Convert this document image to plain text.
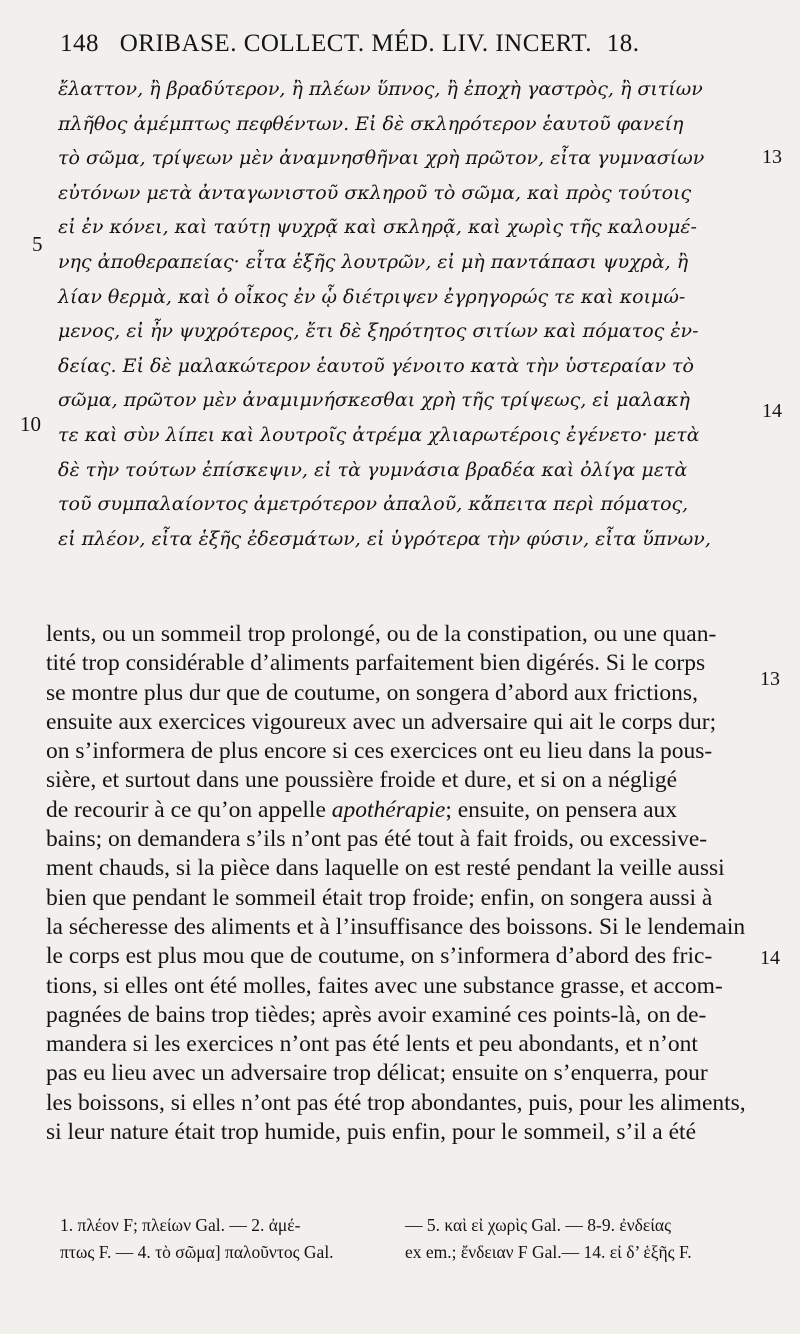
148 ORIBASE. COLLECT. MÉD. LIV. INCERT. 18.
ἔλαττον, ἢ βραδύτερον, ἢ πλέων ὕπνος, ἢ ἐποχὴ γαστρὸς, ἢ σιτίων
πλῆθος ἀμέμπτως πεφθέντων. Εἰ δὲ σκληρότερον ἑαυτοῦ φανείη
τὸ σῶμα, τρίψεων μὲν ἀναμνησθῆναι χρὴ πρῶτον, εἶτα γυμνασίων
εὐτόνων μετὰ ἀνταγωνιστοῦ σκληροῦ τὸ σῶμα, καὶ πρὸς τούτοις
εἰ ἐν κόνει, καὶ ταύτῃ ψυχρᾷ καὶ σκληρᾷ, καὶ χωρὶς τῆς καλουμέ-
νης ἀποθεραπείας· εἶτα ἑξῆς λουτρῶν, εἰ μὴ παντάπασι ψυχρὰ, ἢ
λίαν θερμὰ, καὶ ὁ οἶκος ἐν ᾧ διέτριψεν ἐγρηγορώς τε καὶ κοιμώ-
μενος, εἰ ἦν ψυχρότερος, ἔτι δὲ ξηρότητος σιτίων καὶ πόματος ἐν-
δείας. Εἰ δὲ μαλακώτερον ἑαυτοῦ γένοιτο κατὰ τὴν ὑστεραίαν τὸ
σῶμα, πρῶτον μὲν ἀναμιμνήσκεσθαι χρὴ τῆς τρίψεως, εἰ μαλακὴ
τε καὶ σὺν λίπει καὶ λουτροῖς ἀτρέμα χλιαρωτέροις ἐγένετο· μετὰ
δὲ τὴν τούτων ἐπίσκεψιν, εἰ τὰ γυμνάσια βραδέα καὶ ὀλίγα μετὰ
τοῦ συμπαλαίοντος ἀμετρότερον ἀπαλοῦ, κἄπειτα περὶ πόματος,
εἰ πλέον, εἶτα ἑξῆς ἐδεσμάτων, εἰ ὑγρότερα τὴν φύσιν, εἶτα ὕπνων,
5
10
13
14
lents, ou un sommeil trop prolongé, ou de la constipation, ou une quan-
tité trop considérable d’aliments parfaitement bien digérés. Si le corps
se montre plus dur que de coutume, on songera d’abord aux frictions,
ensuite aux exercices vigoureux avec un adversaire qui ait le corps dur;
on s’informera de plus encore si ces exercices ont eu lieu dans la pous-
sière, et surtout dans une poussière froide et dure, et si on a négligé
de recourir à ce qu’on appelle apothérapie; ensuite, on pensera aux
bains; on demandera s’ils n’ont pas été tout à fait froids, ou excessive-
ment chauds, si la pièce dans laquelle on est resté pendant la veille aussi
bien que pendant le sommeil était trop froide; enfin, on songera aussi à
la sécheresse des aliments et à l’insuffisance des boissons. Si le lendemain
le corps est plus mou que de coutume, on s’informera d’abord des fric-
tions, si elles ont été molles, faites avec une substance grasse, et accom-
pagnées de bains trop tièdes; après avoir examiné ces points-là, on de-
mandera si les exercices n’ont pas été lents et peu abondants, et n’ont
pas eu lieu avec un adversaire trop délicat; ensuite on s’enquerra, pour
les boissons, si elles n’ont pas été trop abondantes, puis, pour les aliments,
si leur nature était trop humide, puis enfin, pour le sommeil, s’il a été
13
14
1. πλέον F; πλείων Gal. — 2. ἀμέ-
πτως F. — 4. τὸ σῶμα] παλοῦντος Gal.
— 5. καὶ εἰ χωρὶς Gal. — 8-9. ἐνδείας
ex em.; ἔνδειαν F Gal.— 14. εἰ δ’ ἑξῆς F.
